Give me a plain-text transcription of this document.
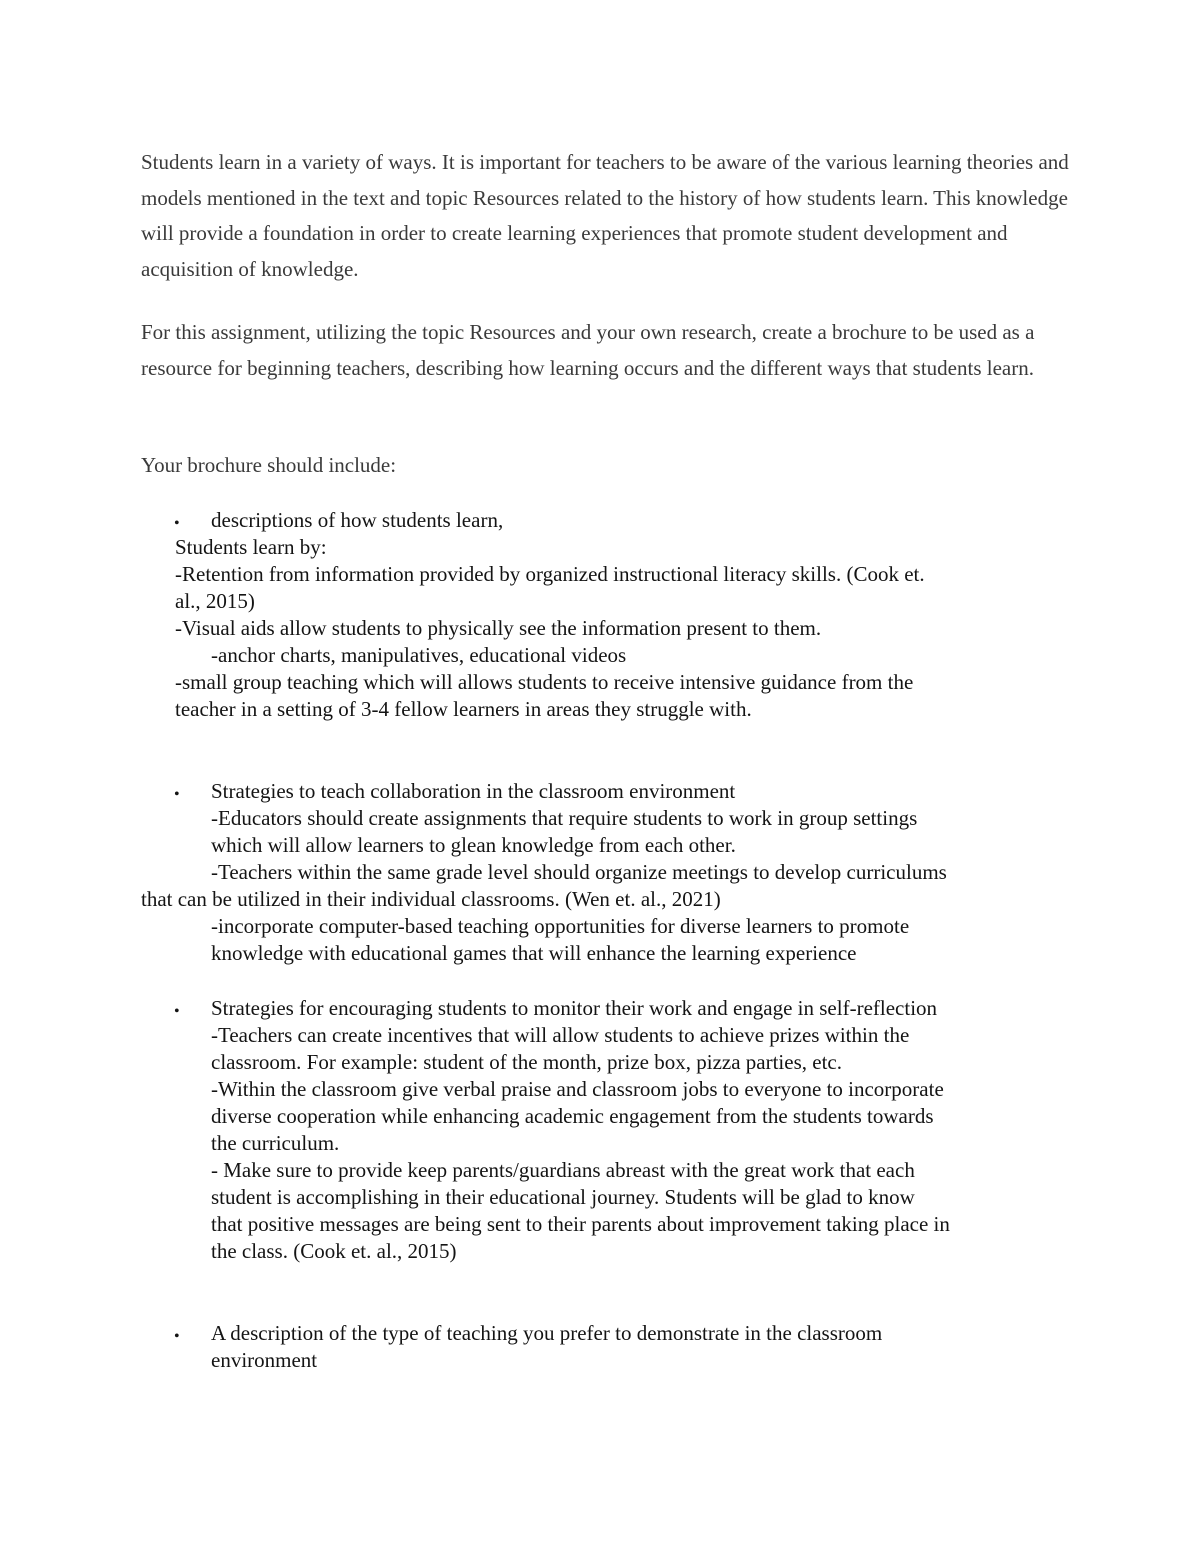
Students learn in a variety of ways. It is important for teachers to be aware of the various learning theories and models mentioned in the text and topic Resources related to the history of how students learn. This knowledge will provide a foundation in order to create learning experiences that promote student development and acquisition of knowledge.

For this assignment, utilizing the topic Resources and your own research, create a brochure to be used as a resource for beginning teachers, describing how learning occurs and the different ways that students learn.

Your brochure should include:

• descriptions of how students learn,
Students learn by:
-Retention from information provided by organized instructional literacy skills. (Cook et.
al., 2015)
-Visual aids allow students to physically see the information present to them.
-anchor charts, manipulatives, educational videos
-small group teaching which will allows students to receive intensive guidance from the
teacher in a setting of 3-4 fellow learners in areas they struggle with.
• Strategies to teach collaboration in the classroom environment
-Educators should create assignments that require students to work in group settings
which will allow learners to glean knowledge from each other.
-Teachers within the same grade level should organize meetings to develop curriculums
that can be utilized in their individual classrooms. (Wen et. al., 2021)
-incorporate computer-based teaching opportunities for diverse learners to promote
knowledge with educational games that will enhance the learning experience
• Strategies for encouraging students to monitor their work and engage in self-reflection
-Teachers can create incentives that will allow students to achieve prizes within the
classroom. For example: student of the month, prize box, pizza parties, etc.
-Within the classroom give verbal praise and classroom jobs to everyone to incorporate
diverse cooperation while enhancing academic engagement from the students towards
the curriculum.
- Make sure to provide keep parents/guardians abreast with the great work that each
student is accomplishing in their educational journey. Students will be glad to know
that positive messages are being sent to their parents about improvement taking place in
the class. (Cook et. al., 2015)
• A description of the type of teaching you prefer to demonstrate in the classroom
environment
